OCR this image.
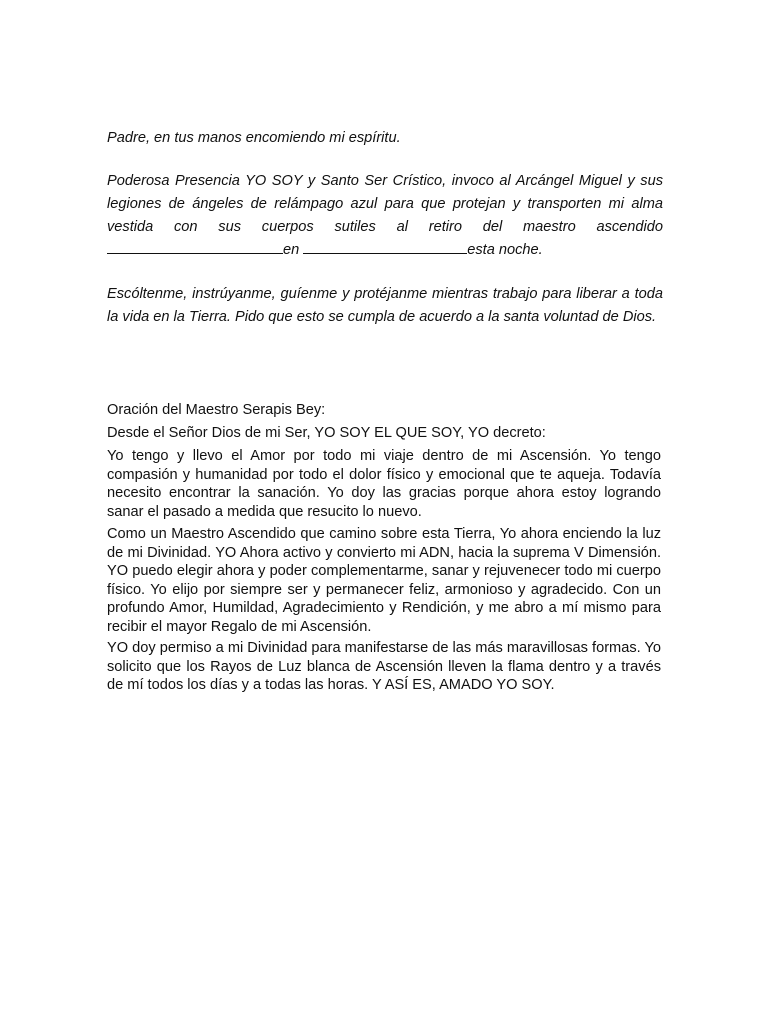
Padre, en tus manos encomiendo mi espíritu.

Poderosa Presencia YO SOY y Santo Ser Crístico, invoco al Arcángel Miguel y sus legiones de ángeles de relámpago azul para que protejan y transporten mi alma vestida con sus cuerpos sutiles al retiro del maestro ascendido en	esta noche.

Escóltenme, instrúyanme, guíenme y protéjanme mientras trabajo para liberar a toda la vida en la Tierra. Pido que esto se cumpla de acuerdo a la santa voluntad de Dios.

Oración del Maestro Serapis Bey:

Desde el Señor Dios de mi Ser, YO SOY EL QUE SOY, YO decreto:

Yo tengo y llevo el Amor por todo mi viaje dentro de mi Ascensión. Yo tengo compasión y humanidad por todo el dolor físico y emocional que te aqueja. Todavía necesito encontrar la sanación. Yo doy las gracias porque ahora estoy logrando sanar el pasado a medida que resucito lo nuevo.

Como un Maestro Ascendido que camino sobre esta Tierra, Yo ahora enciendo la luz de mi Divinidad. YO Ahora activo y convierto mi ADN, hacia la suprema V Dimensión. YO puedo elegir ahora y poder complementarme, sanar y rejuvenecer todo mi cuerpo físico. Yo elijo por siempre ser y permanecer feliz, armonioso y agradecido. Con un profundo Amor, Humildad, Agradecimiento y Rendición, y me abro a mí mismo para recibir el mayor Regalo de mi Ascensión.

YO doy permiso a mi Divinidad para manifestarse de las más maravillosas formas. Yo solicito que los Rayos de Luz blanca de Ascensión lleven la flama dentro y a través de mí todos los días y a todas las horas. Y ASÍ ES, AMADO YO SOY.
